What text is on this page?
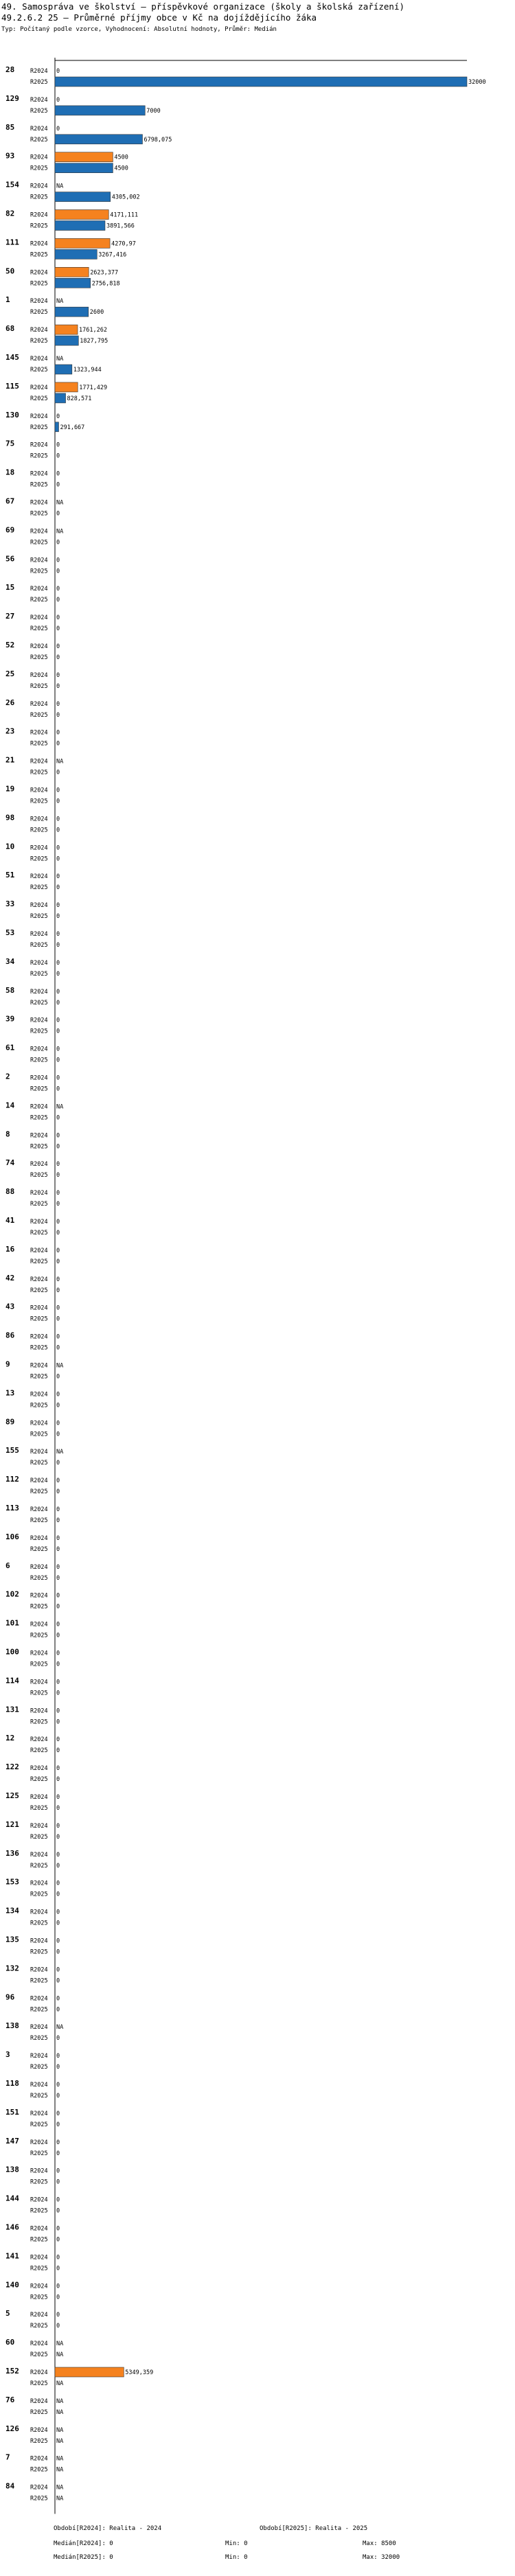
49. Samospráva ve školství – příspěvkové organizace (školy a školská zařízení)
49.2.6.2 25 – Průměrné příjmy obce v Kč na dojíždějícího žáka
Typ: Počítaný podle vzorce, Vyhodnocení: Absolutní hodnoty, Průměr: Medián
28	R2024 0
R2025	32000
129 R2024 0
R2025	7000
85	R2024 0
R2025	6798,075
93	R2024	4500
R2025	4500
154 R2024 NA
R2025	4305,002
82	R2024	4171,111
R2025	3891,566
111 R2024	4270,97
R2025	3267,416
50	R2024	2623,377
R2025	2756,818
1	R2024 NA
R2025	2600
68	R2024	1761,262
R2025	1827,795
145 R2024 NA
R2025	1323,944
115 R2024	1771,429
R2025	828,571
130 R2024 0
R2025 291,667
75	R2024 0
R2025 0
18	R2024 0
R2025 0
67	R2024 NA
R2025 0
69	R2024 NA
R2025 0
56	R2024 0
R2025 0
15	R2024 0
R2025 0
27	R2024 0
R2025 0
52	R2024 0
R2025 0
25	R2024 0
R2025 0
26	R2024 0
R2025 0
23	R2024 0
R2025 0
21	R2024 NA
R2025 0
19	R2024 0
R2025 0
98	R2024 0
R2025 0
10	R2024 0
R2025 0
51	R2024 0
R2025 0
33	R2024 0
R2025 0
53	R2024 0
R2025 0
34	R2024 0
R2025 0
58	R2024 0
R2025 0
39	R2024 0
R2025 0
61	R2024 0
R2025 0
2	R2024 0
R2025 0
14	R2024 NA
R2025 0
8	R2024 0
R2025 0
74	R2024 0
R2025 0
88	R2024 0
R2025 0
41	R2024 0
R2025 0
16	R2024 0
R2025 0
42	R2024 0
R2025 0
43	R2024 0
R2025 0
86	R2024 0
R2025 0
9	R2024 NA
R2025 0
13	R2024 0
R2025 0
89	R2024 0
R2025 0
155 R2024 NA
R2025 0
112 R2024 0
R2025 0
113 R2024 0
R2025 0
106 R2024 0
R2025 0
6	R2024 0
R2025 0
102 R2024 0
R2025 0
101 R2024 0
R2025 0
100 R2024 0
R2025 0
114 R2024 0
R2025 0
131 R2024 0
R2025 0
12	R2024 0
R2025 0
122 R2024 0
R2025 0
125 R2024 0
R2025 0
121 R2024 0
R2025 0
136 R2024 0
R2025 0
153 R2024 0
R2025 0
134 R2024 0
R2025 0
135 R2024 0
R2025 0
132 R2024 0
R2025 0
96	R2024 0
R2025 0
138 R2024 NA
R2025 0
3	R2024 0
R2025 0
118 R2024 0
R2025 0
151 R2024 0
R2025 0
147 R2024 0
R2025 0
138 R2024 0
R2025 0
144 R2024 0
R2025 0
146 R2024 0
R2025 0
141 R2024 0
R2025 0
140 R2024 0
R2025 0
5	R2024 0
R2025 0
60	R2024 NA
R2025 NA
152 R2024	5349,359
R2025 NA
76	R2024 NA
R2025 NA
126 R2024 NA
R2025 NA
7	R2024 NA
R2025 NA
84	R2024 NA
R2025 NA
Období[R2024]: Realita - 2024	Období[R2025]: Realita - 2025
Medián[R2024]: 0	Min: 0	Max: 8500
Medián[R2025]: 0	Min: 0	Max: 32000
